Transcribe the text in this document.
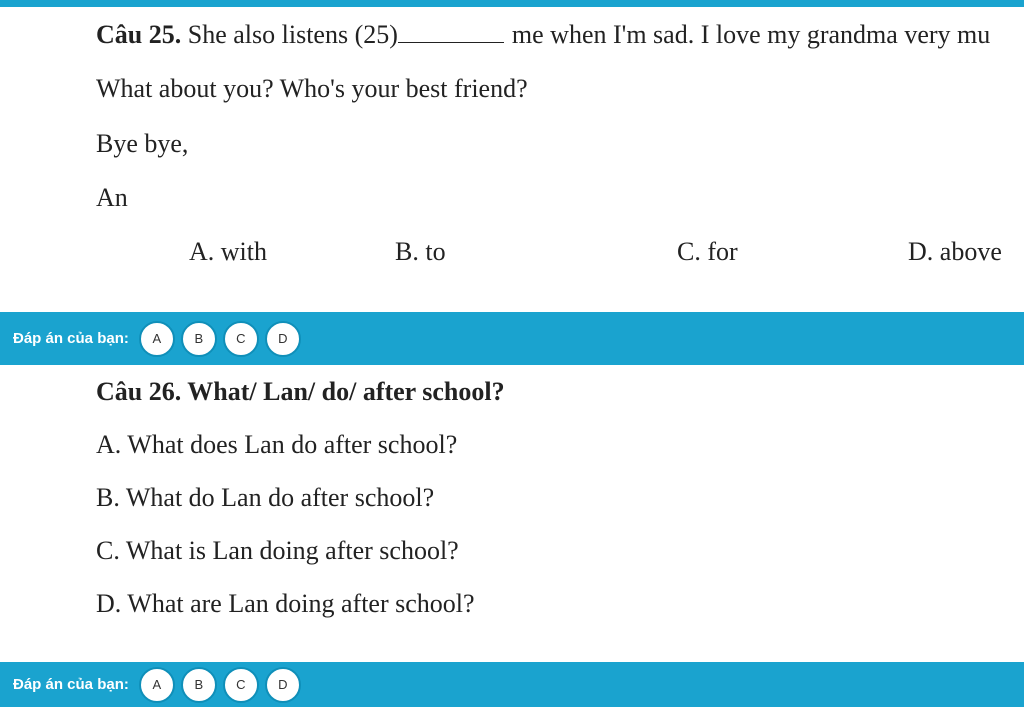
Câu 25. She also listens (25)	me when I'm sad. I love my grandma very mu
What about you? Who's your best friend?
Bye bye,
An
A. with	B. to	C. for	D. above
Đáp án của bạn:	A	B	C	D
Câu 26. What/ Lan/ do/ after school?
A. What does Lan do after school?
B. What do Lan do after school?
C. What is Lan doing after school?
D. What are Lan doing after school?
Đáp án của bạn:	A	B	C	D
